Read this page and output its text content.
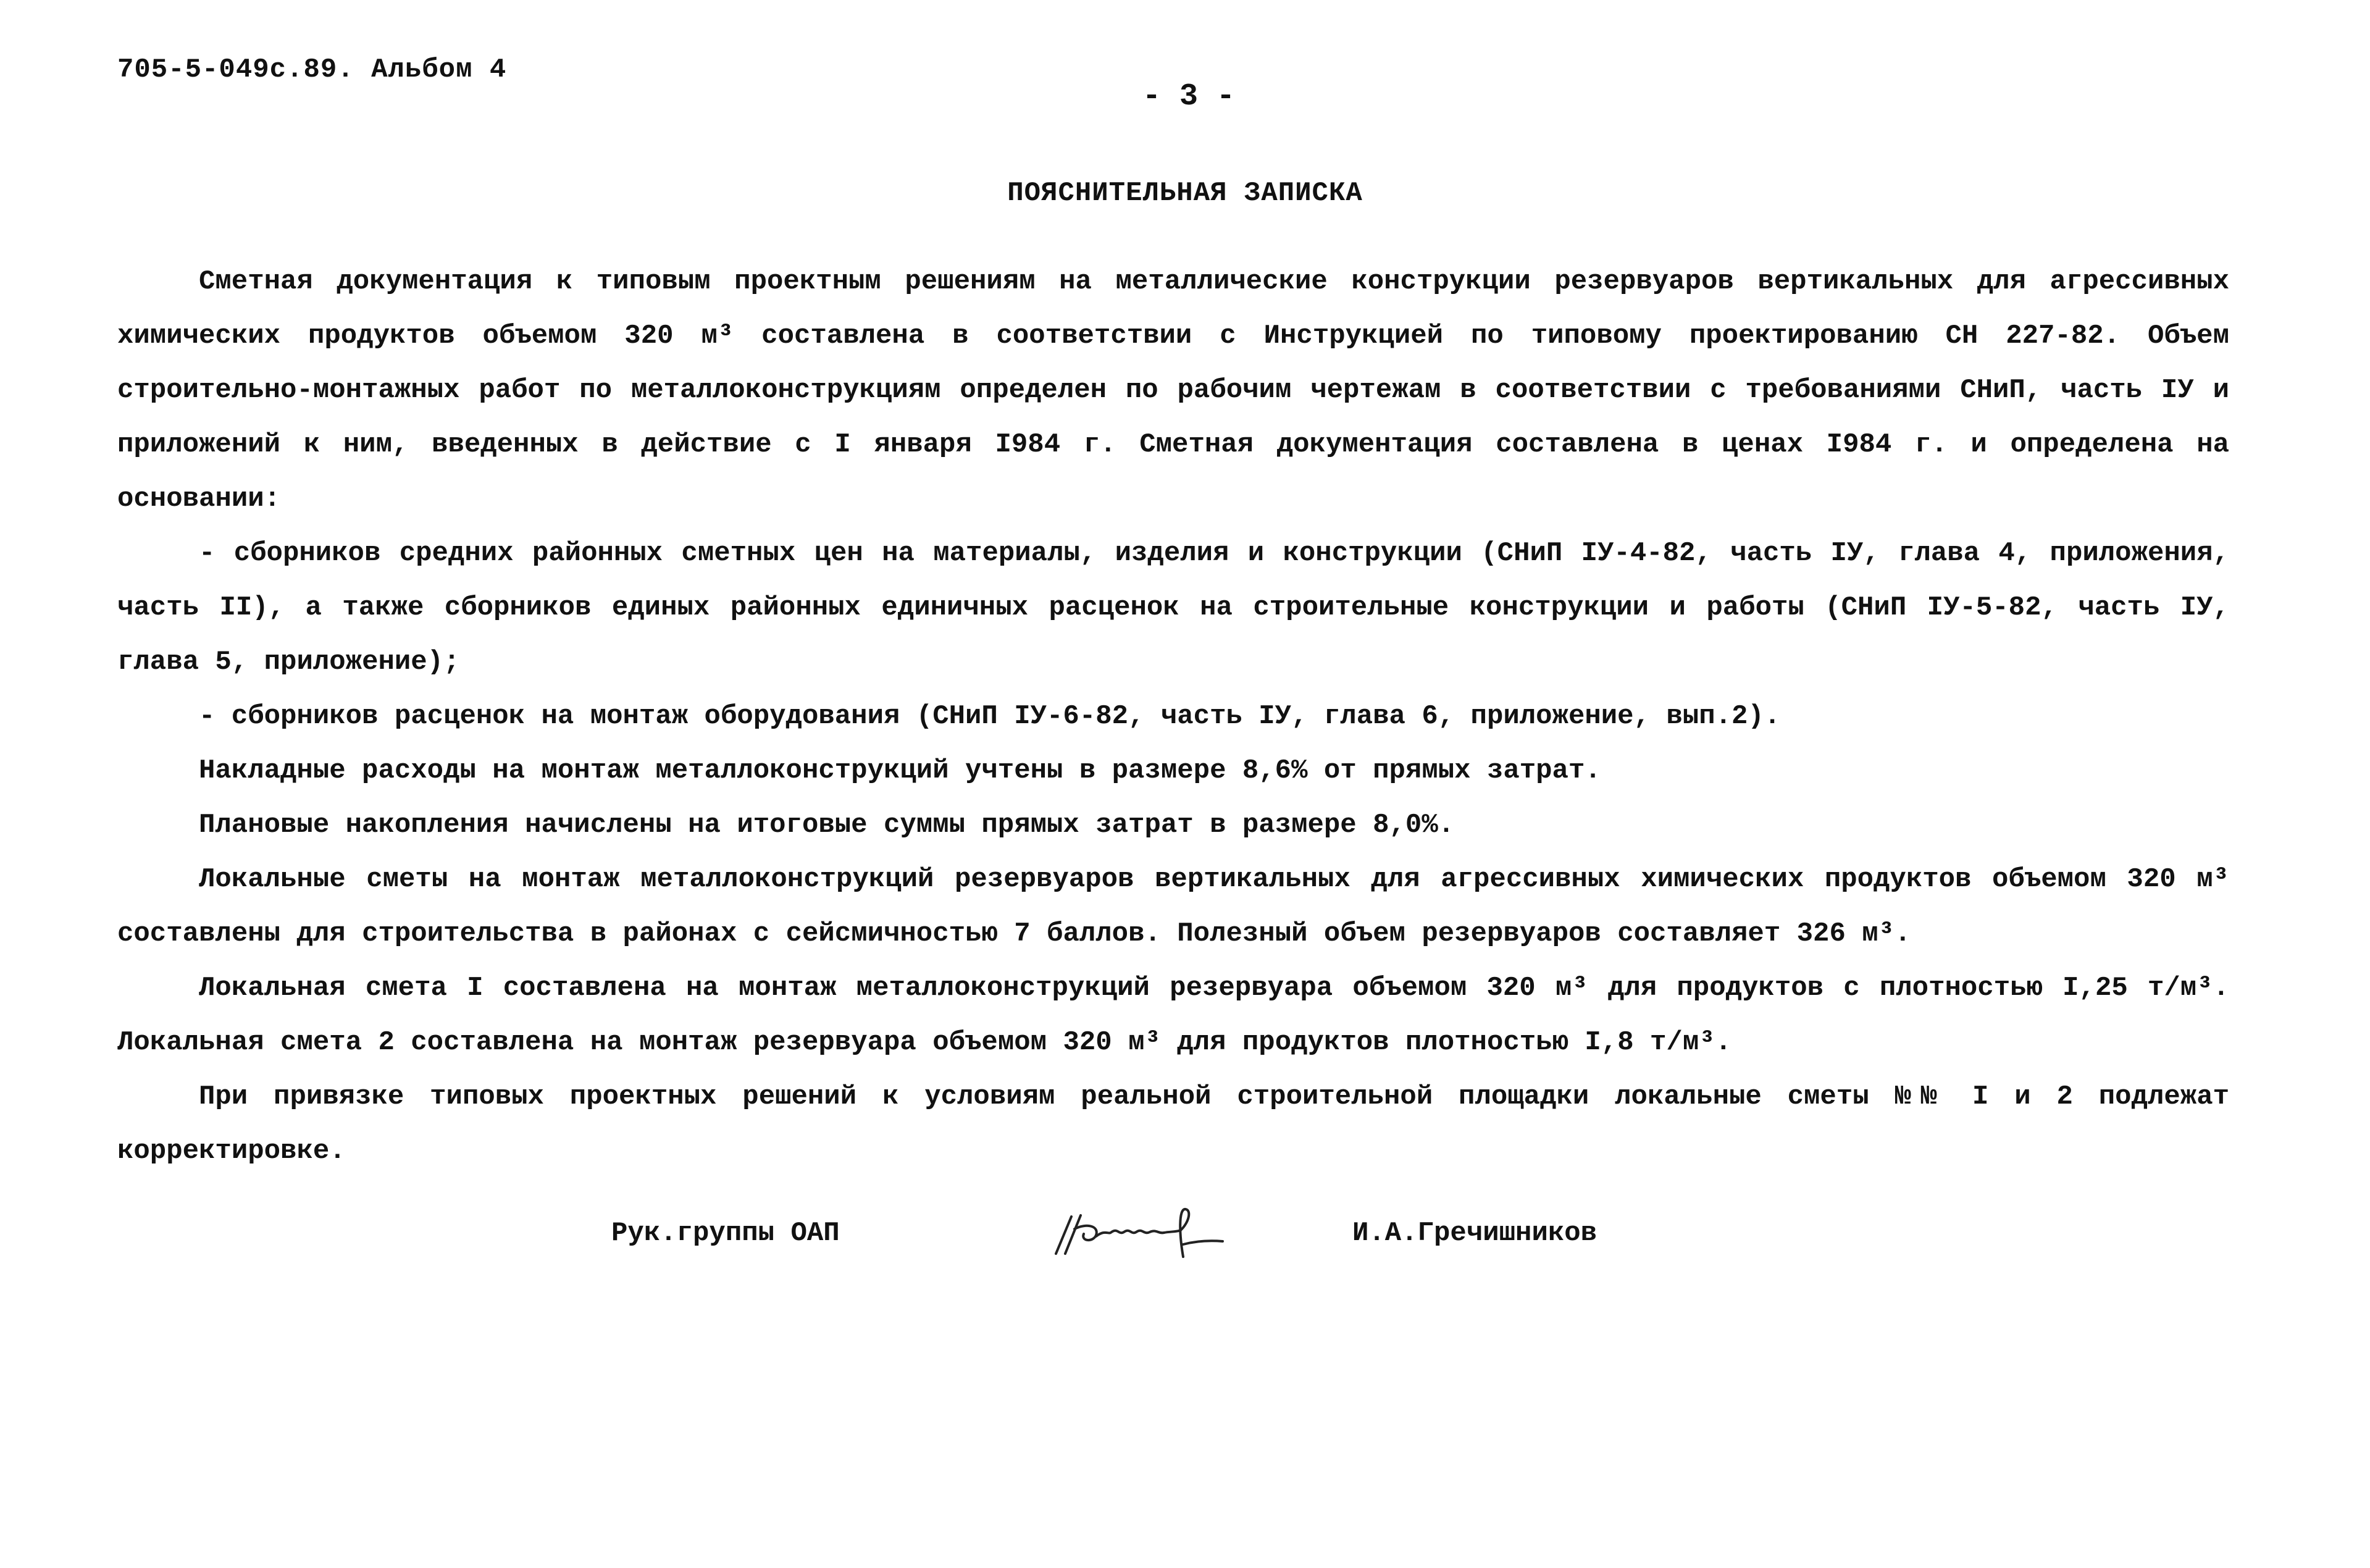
705-5-049с.89. Альбом 4
- 3 -
ПОЯСНИТЕЛЬНАЯ ЗАПИСКА

Сметная документация к типовым проектным решениям на металлические конструкции резервуаров вертикальных для агрессивных химических продуктов объемом 320 м³ составлена в соответствии с Инструкцией по типовому проектированию СН 227-82. Объем строительно-монтажных работ по металлоконструкциям определен по рабочим чертежам в соответствии с требованиями СНиП, часть IУ и приложений к ним, введенных в действие с I января I984 г. Сметная документация составлена в ценах I984 г. и определена на основании:

- сборников средних районных сметных цен на материалы, изделия и конструкции (СНиП IУ-4-82, часть IУ, глава 4, приложения, часть II), а также сборников единых районных единичных расценок на строительные конструкции и работы (СНиП IУ-5-82, часть IУ, глава 5, приложение);

- сборников расценок на монтаж оборудования (СНиП IУ-6-82, часть IУ, глава 6, приложение, вып.2).

Накладные расходы на монтаж металлоконструкций учтены в размере 8,6% от прямых затрат.

Плановые накопления начислены на итоговые суммы прямых затрат в размере 8,0%.

Локальные сметы на монтаж металлоконструкций резервуаров вертикальных для агрессивных химических продуктов объемом 320 м³ составлены для строительства в районах с сейсмичностью 7 баллов. Полезный объем резервуаров составляет 326 м³.

Локальная смета I составлена на монтаж металлоконструкций резервуара объемом 320 м³ для продуктов с плотностью I,25 т/м³. Локальная смета 2 составлена на монтаж резервуара объемом 320 м³ для продуктов плотностью I,8 т/м³.

При привязке типовых проектных решений к условиям реальной строительной площадки локальные сметы №№ I и 2 подлежат корректировке.

Рук.группы ОАП	И.А.Гречишников
